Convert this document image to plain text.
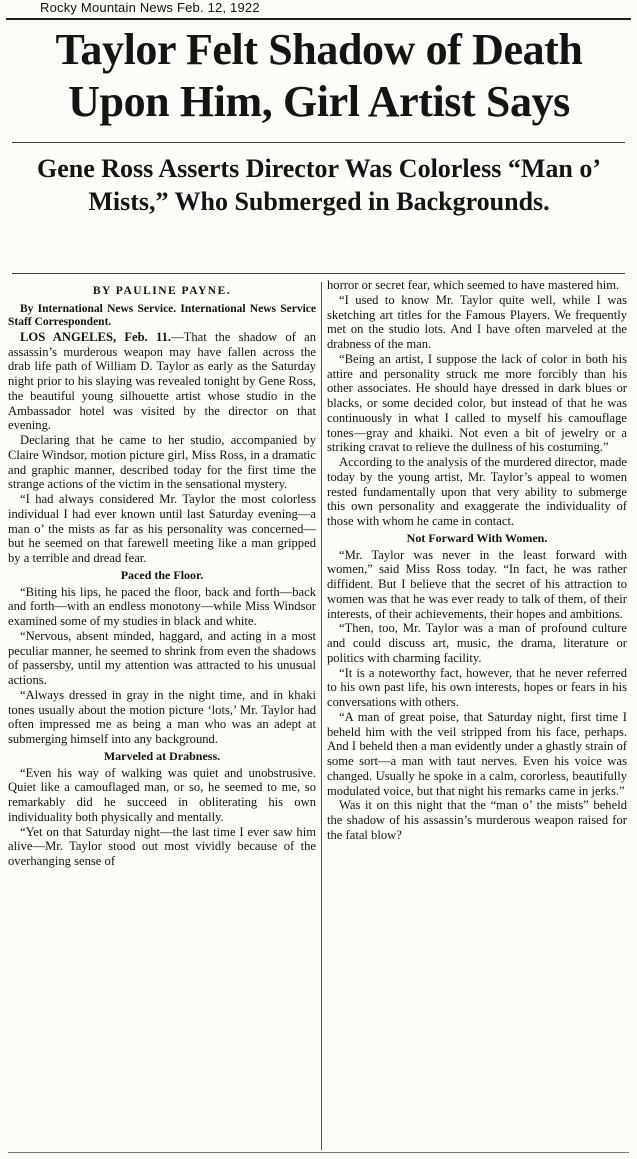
Rocky Mountain News Feb. 12, 1922
Taylor Felt Shadow of Death Upon Him, Girl Artist Says
Gene Ross Asserts Director Was Colorless “Man o’ Mists,” Who Submerged in Backgrounds.
BY PAULINE PAYNE.

By International News Service. International News Service Staff Correspondent.

LOS ANGELES, Feb. 11.—That the shadow of an assassin’s murderous weapon may have fallen across the drab life path of William D. Taylor as early as the Saturday night prior to his slaying was revealed tonight by Gene Ross, the beautiful young silhouette artist whose studio in the Ambassador hotel was visited by the director on that evening.

Declaring that he came to her studio, accompanied by Claire Windsor, motion picture girl, Miss Ross, in a dramatic and graphic manner, described today for the first time the strange actions of the victim in the sensational mystery.

“I had always considered Mr. Taylor the most colorless individual I had ever known until last Saturday evening—a man o’ the mists as far as his personality was concerned—but he seemed on that farewell meeting like a man gripped by a terrible and dread fear.

Paced the Floor.

“Biting his lips, he paced the floor, back and forth—back and forth—with an endless monotony—while Miss Windsor examined some of my studies in black and white.

“Nervous, absent minded, haggard, and acting in a most peculiar manner, he seemed to shrink from even the shadows of passersby, until my attention was attracted to his unusual actions.

“Always dressed in gray in the night time, and in khaki tones usually about the motion picture ‘lots,’ Mr. Taylor had often impressed me as being a man who was an adept at submerging himself into any background.

Marveled at Drabness.

“Even his way of walking was quiet and unobstrusive. Quiet like a camouflaged man, or so, he seemed to me, so remarkably did he succeed in obliterating his own individuality both physically and mentally.

“Yet on that Saturday night—the last time I ever saw him alive—Mr. Taylor stood out most vividly because of the overhanging sense of

horror or secret fear, which seemed to have mastered him.

“I used to know Mr. Taylor quite well, while I was sketching art titles for the Famous Players. We frequently met on the studio lots. And I have often marveled at the drabness of the man.

“Being an artist, I suppose the lack of color in both his attire and personality struck me more forcibly than his other associates. He should haye dressed in dark blues or blacks, or some decided color, but instead of that he was continuously in what I called to myself his camouflage tones—gray and khaiki. Not even a bit of jewelry or a striking cravat to relieve the dullness of his costuming.”

According to the analysis of the murdered director, made today by the young artist, Mr. Taylor’s appeal to women rested fundamentally upon that very ability to submerge this own personality and exaggerate the individuality of those with whom he came in contact.

Not Forward With Women.

“Mr. Taylor was never in the least forward with women,” said Miss Ross today. “In fact, he was rather diffident. But I believe that the secret of his attraction to women was that he was ever ready to talk of them, of their interests, of their achievements, their hopes and ambitions.

“Then, too, Mr. Taylor was a man of profound culture and could discuss art, music, the drama, literature or politics with charming facility.

“It is a noteworthy fact, however, that he never referred to his own past life, his own interests, hopes or fears in his conversations with others.

“A man of great poise, that Saturday night, first time I beheld him with the veil stripped from his face, perhaps. And I beheld then a man evidently under a ghastly strain of some sort—a man with taut nerves. Even his voice was changed. Usually he spoke in a calm, cororless, beautifully modulated voice, but that night his remarks came in jerks.”

Was it on this night that the “man o’ the mists” beheld the shadow of his assassin’s murderous weapon raised for the fatal blow?
